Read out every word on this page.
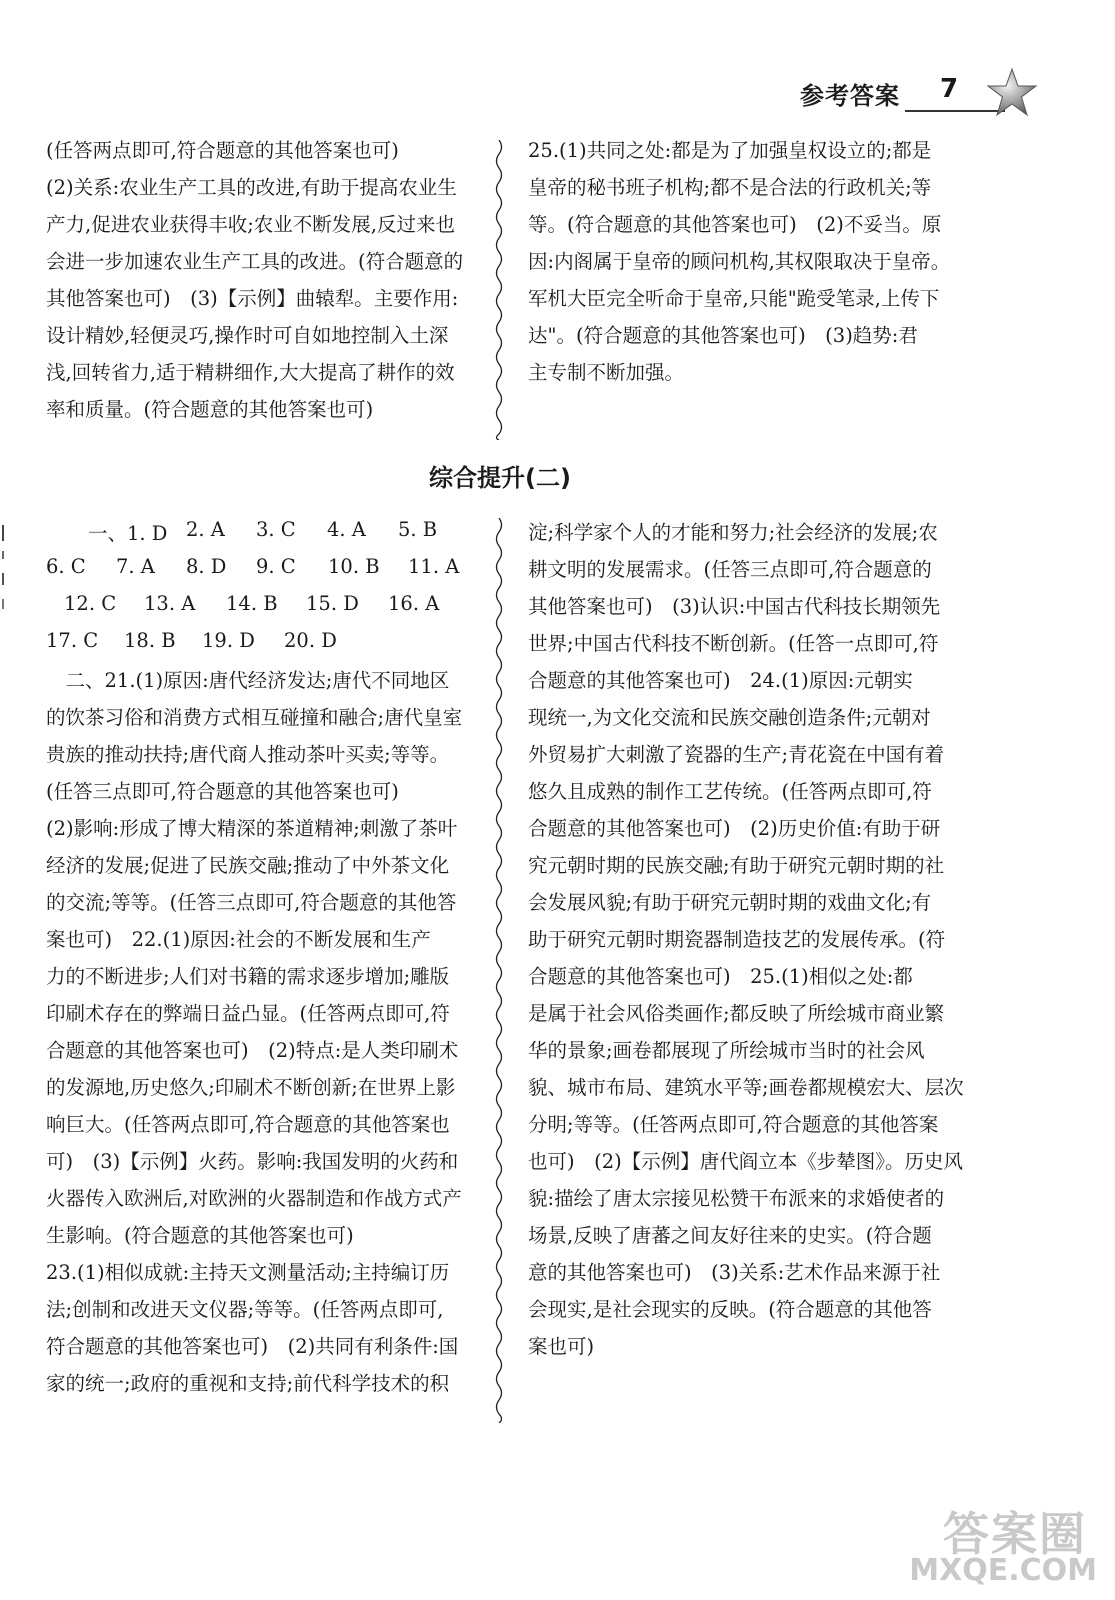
参考答案 7

(任答两点即可,符合题意的其他答案也可)

(2)关系:农业生产工具的改进,有助于提高农业生

产力,促进农业获得丰收;农业不断发展,反过来也

会进一步加速农业生产工具的改进。(符合题意的

其他答案也可)　(3)【示例】曲辕犁。主要作用:

设计精妙,轻便灵巧,操作时可自如地控制入土深

浅,回转省力,适于精耕细作,大大提高了耕作的效

率和质量。(符合题意的其他答案也可)

25.(1)共同之处:都是为了加强皇权设立的;都是

皇帝的秘书班子机构;都不是合法的行政机关;等

等。(符合题意的其他答案也可)　(2)不妥当。原

因:内阁属于皇帝的顾问机构,其权限取决于皇帝。

军机大臣完全听命于皇帝,只能"跪受笔录,上传下

达"。(符合题意的其他答案也可)　(3)趋势:君

主专制不断加强。

综合提升(二)
一、1. D 2. A 3. C 4. A 5. B
6. C 7. A 8. D 9. C 10. B 11. A
12. C 13. A 14. B 15. D 16. A
17. C 18. B 19. D 20. D

　二、21.(1)原因:唐代经济发达;唐代不同地区

的饮茶习俗和消费方式相互碰撞和融合;唐代皇室

贵族的推动扶持;唐代商人推动茶叶买卖;等等。

(任答三点即可,符合题意的其他答案也可)

(2)影响:形成了博大精深的茶道精神;刺激了茶叶

经济的发展;促进了民族交融;推动了中外茶文化

的交流;等等。(任答三点即可,符合题意的其他答

案也可)　22.(1)原因:社会的不断发展和生产

力的不断进步;人们对书籍的需求逐步增加;雕版

印刷术存在的弊端日益凸显。(任答两点即可,符

合题意的其他答案也可)　(2)特点:是人类印刷术

的发源地,历史悠久;印刷术不断创新;在世界上影

响巨大。(任答两点即可,符合题意的其他答案也

可)　(3)【示例】火药。影响:我国发明的火药和

火器传入欧洲后,对欧洲的火器制造和作战方式产

生影响。(符合题意的其他答案也可)

23.(1)相似成就:主持天文测量活动;主持编订历

法;创制和改进天文仪器;等等。(任答两点即可,

符合题意的其他答案也可)　(2)共同有利条件:国

家的统一;政府的重视和支持;前代科学技术的积

淀;科学家个人的才能和努力;社会经济的发展;农

耕文明的发展需求。(任答三点即可,符合题意的

其他答案也可)　(3)认识:中国古代科技长期领先

世界;中国古代科技不断创新。(任答一点即可,符

合题意的其他答案也可)　24.(1)原因:元朝实

现统一,为文化交流和民族交融创造条件;元朝对

外贸易扩大刺激了瓷器的生产;青花瓷在中国有着

悠久且成熟的制作工艺传统。(任答两点即可,符

合题意的其他答案也可)　(2)历史价值:有助于研

究元朝时期的民族交融;有助于研究元朝时期的社

会发展风貌;有助于研究元朝时期的戏曲文化;有

助于研究元朝时期瓷器制造技艺的发展传承。(符

合题意的其他答案也可)　25.(1)相似之处:都

是属于社会风俗类画作;都反映了所绘城市商业繁

华的景象;画卷都展现了所绘城市当时的社会风

貌、城市布局、建筑水平等;画卷都规模宏大、层次

分明;等等。(任答两点即可,符合题意的其他答案

也可)　(2)【示例】唐代阎立本《步辇图》。历史风

貌:描绘了唐太宗接见松赞干布派来的求婚使者的

场景,反映了唐蕃之间友好往来的史实。(符合题

意的其他答案也可)　(3)关系:艺术作品来源于社

会现实,是社会现实的反映。(符合题意的其他答

案也可)

答案圈
MXQE.COM
